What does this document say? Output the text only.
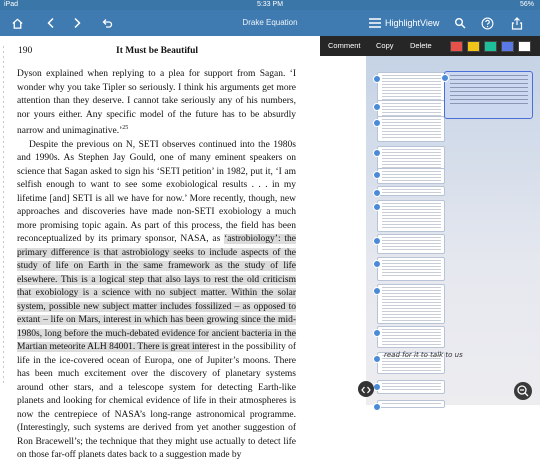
iPad	5:33 PM	56%
Drake Equation	HighlightView
190	It Must be Beautiful

Dyson explained when replying to a plea for support from Sagan. ‘I wonder why you take Tipler so seriously. I think his arguments get more attention than they deserve. I cannot take seriously any of his numbers, nor yours either. Any specific model of the future has to be absurdly narrow and unimaginative.’$^{25}$

Despite the previous on N, SETI observes continued into the 1980s and 1990s. As Stephen Jay Gould, one of many eminent speakers on science that Sagan asked to sign his ‘SETI petition’ in 1982, put it, ‘I am selfish enough to want to see some exobiological results . . . in my lifetime [and] SETI is all we have for now.’ More recently, though, new approaches and discoveries have made non-SETI exobiology a much more promising topic again. As part of this process, the field has been reconceptualized by its primary sponsor, NASA, as ‘astrobiology’: the primary difference is that astrobiology seeks to include aspects of the study of life on Earth in the same framework as the study of life elsewhere. This is a logical step that also lays to rest the old criticism that exobiology is a science with no subject matter. Within the solar system, possible new subject matter includes fossilized – as opposed to extant – life on Mars, interest in which has been growing since the mid-1980s, long before the much-debated evidence for ancient bacteria in the Martian meteorite ALH 84001. There is great interest in the possibility of life in the ice-covered ocean of Europa, one of Jupiter’s moons. There has been much excitement over the discovery of planetary systems around other stars, and a telescope system for detecting Earth-like planets and looking for chemical evidence of life in their atmospheres is now the centrepiece of NASA’s long-range astronomical programme. (Interestingly, such systems are derived from yet another suggestion of Ron Bracewell’s; the technique that they might use actually to detect life on those far-off planets dates back to a suggestion made by

Comment Copy Delete
read for it to talk to us
